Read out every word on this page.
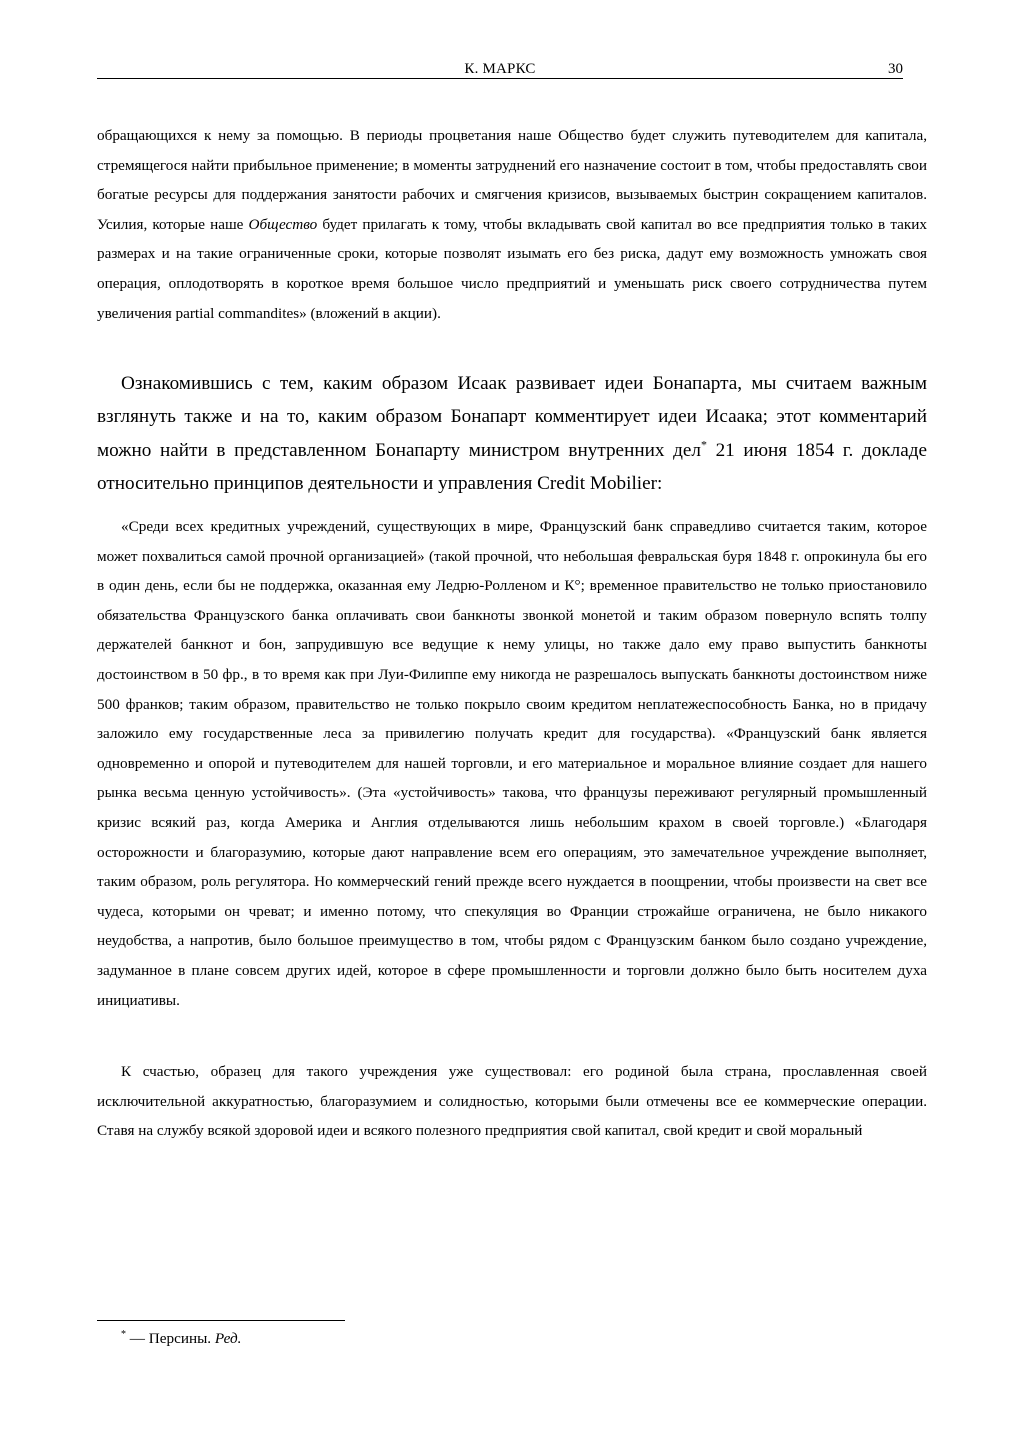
К. МАРКС	30

обращающихся к нему за помощью. В периоды процветания наше Общество будет служить путеводителем для капитала, стремящегося найти прибыльное применение; в моменты затруднений его назначение состоит в том, чтобы предоставлять свои богатые ресурсы для поддержания занятости рабочих и смягчения кризисов, вызываемых быстрин сокращением капиталов. Усилия, которые наше Общество будет прилагать к тому, чтобы вкладывать свой капитал во все предприятия только в таких размерах и на такие ограниченные сроки, которые позволят изымать его без риска, дадут ему возможность умножать своя операция, оплодотворять в короткое время большое число предприятий и уменьшать риск своего сотрудничества путем увеличения partial commandites» (вложений в акции).

Ознакомившись с тем, каким образом Исаак развивает идеи Бонапарта, мы считаем важным взглянуть также и на то, каким образом Бонапарт комментирует идеи Исаака; этот комментарий можно найти в представленном Бонапарту министром внутренних дел* 21 июня 1854 г. докладе относительно принципов деятельности и управления Credit Mobilier:

«Среди всех кредитных учреждений, существующих в мире, Французский банк справедливо считается таким, которое может похвалиться самой прочной организацией» (такой прочной, что небольшая февральская буря 1848 г. опрокинула бы его в один день, если бы не поддержка, оказанная ему Ледрю-Ролленом и К°; временное правительство не только приостановило обязательства Французского банка оплачивать свои банкноты звонкой монетой и таким образом повернуло вспять толпу держателей банкнот и бон, запрудившую все ведущие к нему улицы, но также дало ему право выпустить банкноты достоинством в 50 фр., в то время как при Луи-Филиппе ему никогда не разрешалось выпускать банкноты достоинством ниже 500 франков; таким образом, правительство не только покрыло своим кредитом неплатежеспособность Банка, но в придачу заложило ему государственные леса за привилегию получать кредит для государства). «Французский банк является одновременно и опорой и путеводителем для нашей торговли, и его материальное и моральное влияние создает для нашего рынка весьма ценную устойчивость». (Эта «устойчивость» такова, что французы переживают регулярный промышленный кризис всякий раз, когда Америка и Англия отделываются лишь небольшим крахом в своей торговле.) «Благодаря осторожности и благоразумию, которые дают направление всем его операциям, это замечательное учреждение выполняет, таким образом, роль регулятора. Но коммерческий гений прежде всего нуждается в поощрении, чтобы произвести на свет все чудеса, которыми он чреват; и именно потому, что спекуляция во Франции строжайше ограничена, не было никакого неудобства, а напротив, было большое преимущество в том, чтобы рядом с Французским банком было создано учреждение, задуманное в плане совсем других идей, которое в сфере промышленности и торговли должно было быть носителем духа инициативы.

К счастью, образец для такого учреждения уже существовал: его родиной была страна, прославленная своей исключительной аккуратностью, благоразумием и солидностью, которыми были отмечены все ее коммерческие операции. Ставя на службу всякой здоровой идеи и всякого полезного предприятия свой капитал, свой кредит и свой моральный

* — Персины. Ред.
